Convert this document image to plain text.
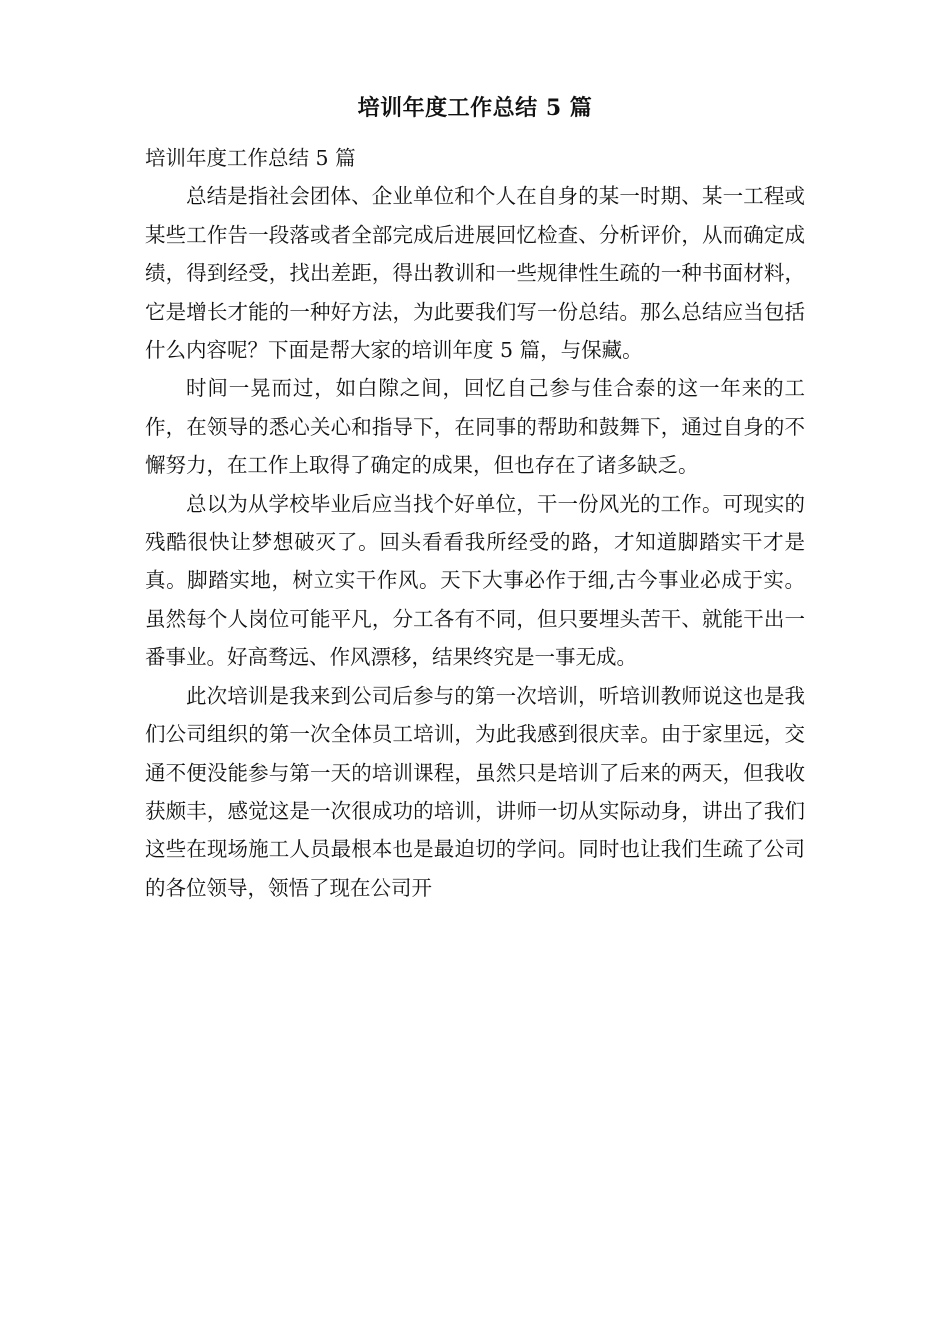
培训年度工作总结 5 篇

培训年度工作总结 5 篇

总结是指社会团体、企业单位和个人在自身的某一时期、某一工程或某些工作告一段落或者全部完成后进展回忆检查、分析评价，从而确定成绩，得到经受，找出差距，得出教训和一些规律性生疏的一种书面材料，它是增长才能的一种好方法，为此要我们写一份总结。那么总结应当包括什么内容呢？下面是帮大家的培训年度 5 篇，与保藏。

时间一晃而过，如白隙之间，回忆自己参与佳合泰的这一年来的工作，在领导的悉心关心和指导下，在同事的帮助和鼓舞下，通过自身的不懈努力，在工作上取得了确定的成果，但也存在了诸多缺乏。

总以为从学校毕业后应当找个好单位，干一份风光的工作。可现实的残酷很快让梦想破灭了。回头看看我所经受的路，才知道脚踏实干才是真。脚踏实地，树立实干作风。天下大事必作于细,古今事业必成于实。虽然每个人岗位可能平凡，分工各有不同，但只要埋头苦干、就能干出一番事业。好高骛远、作风漂移，结果终究是一事无成。

此次培训是我来到公司后参与的第一次培训，听培训教师说这也是我们公司组织的第一次全体员工培训，为此我感到很庆幸。由于家里远，交通不便没能参与第一天的培训课程，虽然只是培训了后来的两天，但我收获颇丰，感觉这是一次很成功的培训，讲师一切从实际动身，讲出了我们这些在现场施工人员最根本也是最迫切的学问。同时也让我们生疏了公司的各位领导，领悟了现在公司开
